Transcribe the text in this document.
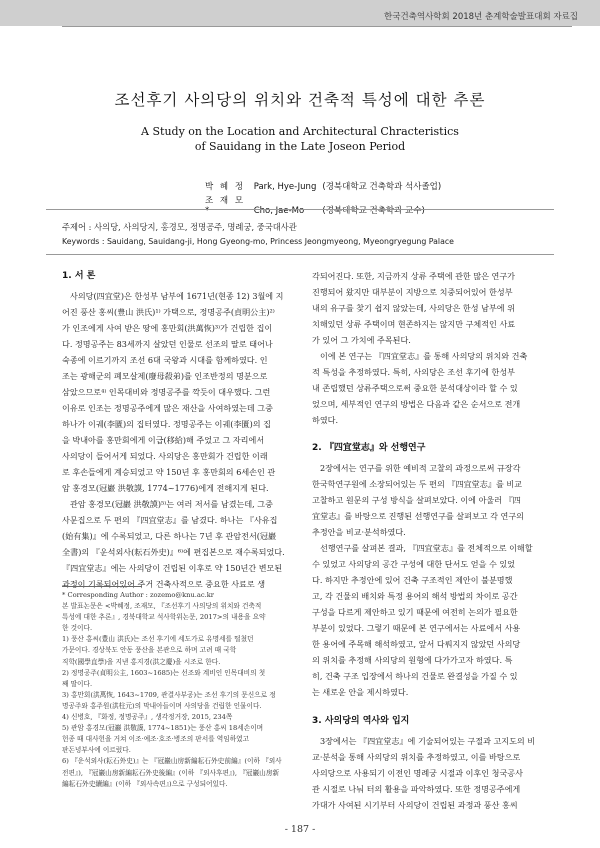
한국건축역사학회 2018년 춘계학술발표대회 자료집
조선후기 사의당의 위치와 건축적 특성에 대한 추론
A Study on the Location and Architectural Chracteristics
of Sauidang in the Late Joseon Period
박 혜 정 Park, Hye-Jung (경북대학교 건축학과 석사졸업)
조 재 모*	Cho, Jae-Mo (경북대학교 건축학과 교수)
주제어 : 사의당, 사의당지, 홍경모, 정명공주, 명례궁, 중국대사관
Keywords : Sauidang, Sauidang-ji, Hong Gyeong-mo, Princess Jeongmyeong, Myeongryegung Palace
1. 서 론

사의당(四宜堂)은 한성부 남부에 1671년(현종 12) 3월에 지

어진 풍산 홍씨(豊山 洪氏)¹⁾ 가택으로, 정명공주(貞明公主)²⁾

가 인조에게 사여 받은 땅에 홍만회(洪萬恢)³⁾가 건립한 집이

다. 정명공주는 83세까지 살았던 인물로 선조의 딸로 태어나

숙종에 이르기까지 조선 6대 국왕과 시대를 함께하였다. 인

조는 광해군의 폐모살제(廢母殺弟)를 인조반정의 명분으로

삼았으므로⁴⁾ 인목대비와 정명공주를 깍듯이 대우했다. 그런

이유로 인조는 정명공주에게 많은 재산을 사여하였는데 그중

하나가 이궤(李匱)의 집터였다. 정명공주는 이궤(李匱)의 집

을 박내아를 홍만회에게 이급(移給)해 주었고 그 자리에서

사의당이 들어서게 되었다. 사의당은 홍만회가 건립한 이래

로 후손들에게 계승되었고 약 150년 후 홍만회의 6세손인 관

암 홍경모(冠巖 洪敬謨, 1774~1776)에게 전해지게 된다.

관암 홍경모(冠巖 洪敬謨)⁵⁾는 여러 저서를 남겼는데, 그중

사문집으로 두 편의 『四宜堂志』를 남겼다. 하나는 『사유집

(始有集)』에 수록되었고, 다른 하나는 7년 후 관암전서(冠巖

全書)의 『운석외사(耘石外史)』⁶⁾에 편집본으로 재수록되었다.

『四宜堂志』에는 사의당이 건립된 이후로 약 150년간 변모된

과정이 기록되어있어 주거 건축사적으로 중요한 사료로 생

* Corresponding Author : zozemo@knu.ac.kr

본 발표논문은 <박혜정, 조재모, 『조선후기 사의당의 위치와 건축적

특성에 대한 추론』, 경북대학교 석사학위논문, 2017>의 내용을 요약

한 것이다.

1) 풍산 홍씨(豊山 洪氏)는 조선 후기에 세도가로 유명세를 떨쳤던

가문이다. 경상북도 안동 풍산을 본관으로 하며 고려 때 국학

직학(國學直學)을 지낸 홍지경(洪之慶)을 시조로 한다.

2) 정명공주(貞明公主, 1603~1685)는 선조와 계비인 인목대비의 첫

째 딸이다.

3) 홍만회(洪萬恢, 1643~1709, 관결사부공)는 조선 후기의 문신으로 정

명공주와 홍주원(洪柱元)의 막내아들이며 사의당을 건립한 인물이다.

4) 신병호, 『화정, 정명공주』, 생각정거장, 2015, 234쪽

5) 관암 홍경모(冠巖 洪敬謨, 1774~1851)는 풍산 홍씨 18세손이며

헌종 때 대사헌을 거쳐 이조·예조·호조·병조의 판서를 역임하였고

판돈녕부사에 이르렀다.

6) 『운석외사(耘石外史)』는 『冠巖山房新編耘石外史前編』(이하 『외사

전편』), 『冠巖山房新編耘石外史後編』(이하 『외사후편』), 『冠巖山房新

編耘石外史續編』(이하 『외사속편』)으로 구성되어있다.

각되어진다. 또한, 지금까지 상류 주택에 관한 많은 연구가

진행되어 왔지만 대부분이 지방으로 치중되어있어 한성부

내의 유구를 찾기 쉽지 않았는데, 사의당은 한성 남부에 위

치해있던 상류 주택이며 현존하지는 않지만 구체적인 사료

가 있어 그 가치에 주목된다.

이에 본 연구는 『四宜堂志』를 통해 사의당의 위치와 건축

적 특성을 추정하였다. 특히, 사의당은 조선 후기에 한성부

내 존립했던 상류주택으로써 중요한 분석대상이라 할 수 있

었으며, 세부적인 연구의 방법은 다음과 같은 순서으로 전개

하였다.

2. 『四宜堂志』와 선행연구

2장에서는 연구를 위한 예비적 고찰의 과정으로써 규장각

한국학연구원에 소장되어있는 두 편의 『四宜堂志』를 비교

고찰하고 원문의 구성 방식을 살펴보았다. 이에 아울러 『四

宜堂志』를 바탕으로 진행된 선행연구를 살펴보고 각 연구의

추정안을 비교·분석하였다.

선행연구를 살펴본 결과, 『四宜堂志』를 전체적으로 이해할

수 있었고 사의당의 공간 구성에 대한 단서도 얻을 수 있었

다. 하지만 추정안에 있어 건축 구조적인 제안이 불분명했

고, 각 건물의 배치와 특정 용어의 해석 방법의 차이로 공간

구성을 다르게 제안하고 있기 때문에 여전히 논의가 필요한

부분이 있었다. 그렇기 때문에 본 연구에서는 사료에서 사용

한 용어에 주목해 해석하였고, 앞서 다뤄지지 않았던 사의당

의 위치를 추정해 사의당의 원형에 다가가고자 하였다. 특

히, 건축 구조 입장에서 하나의 건물로 완결성을 가질 수 있

는 새로운 안을 제시하였다.

3. 사의당의 역사와 입지

3장에서는 『四宜堂志』에 기술되어있는 구절과 고지도의 비

교·분석을 통해 사의당의 위치를 추정하였고, 이를 바탕으로

사의당으로 사용되기 이전인 명례궁 시절과 이후인 청국공사

관 시절로 나눠 터의 활용을 파악하였다. 또한 정명공주에게

가대가 사여된 시기부터 사의당이 건립된 과정과 풍산 홍씨

- 187 -
